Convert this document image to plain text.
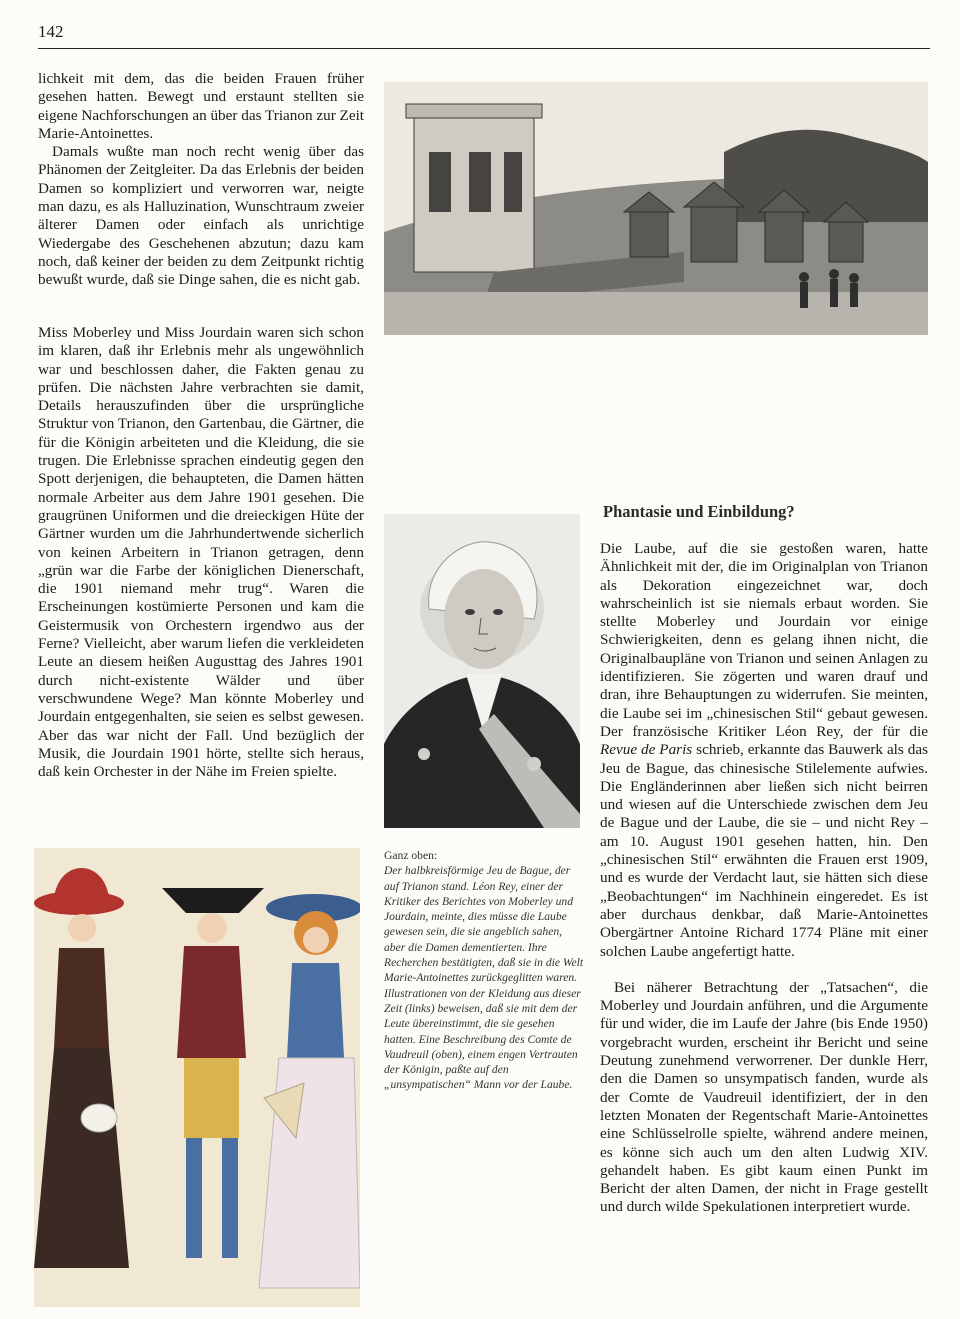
142

lichkeit mit dem, das die beiden Frauen früher gesehen hatten. Bewegt und erstaunt stellten sie eigene Nachforschungen an über das Trianon zur Zeit Marie-Antoinettes.

Damals wußte man noch recht wenig über das Phänomen der Zeitgleiter. Da das Erlebnis der beiden Damen so kompliziert und verworren war, neigte man dazu, es als Halluzination, Wunschtraum zweier älterer Damen oder einfach als unrichtige Wiedergabe des Geschehenen abzutun; dazu kam noch, daß keiner der beiden zu dem Zeitpunkt richtig bewußt wurde, daß sie Dinge sahen, die es nicht gab.

Miss Moberley und Miss Jourdain waren sich schon im klaren, daß ihr Erlebnis mehr als ungewöhnlich war und beschlossen daher, die Fakten genau zu prüfen. Die nächsten Jahre verbrachten sie damit, Details herauszufinden über die ursprüngliche Struktur von Trianon, den Gartenbau, die Gärtner, die für die Königin arbeiteten und die Kleidung, die sie trugen. Die Erlebnisse sprachen eindeutig gegen den Spott derjenigen, die behaupteten, die Damen hätten normale Arbeiter aus dem Jahre 1901 gesehen. Die graugrünen Uniformen und die dreieckigen Hüte der Gärtner wurden um die Jahrhundertwende sicherlich von keinen Arbeitern in Trianon getragen, denn „grün war die Farbe der königlichen Dienerschaft, die 1901 niemand mehr trug“. Waren die Erscheinungen kostümierte Personen und kam die Geistermusik von Orchestern irgendwo aus der Ferne? Vielleicht, aber warum liefen die verkleideten Leute an diesem heißen Augusttag des Jahres 1901 durch nicht-existente Wälder und über verschwundene Wege? Man könnte Moberley und Jourdain entgegenhalten, sie seien es selbst gewesen. Aber das war nicht der Fall. Und bezüglich der Musik, die Jourdain 1901 hörte, stellte sich heraus, daß kein Orchester in der Nähe im Freien spielte.

Ganz oben:
Der halbkreisförmige Jeu de Bague, der auf Trianon stand. Léon Rey, einer der Kritiker des Berichtes von Moberley und Jourdain, meinte, dies müsse die Laube gewesen sein, die sie angeblich sahen, aber die Damen dementierten. Ihre Recherchen bestätigten, daß sie in die Welt Marie-Antoinettes zurückgeglitten waren. Illustrationen von der Kleidung aus dieser Zeit (links) beweisen, daß sie mit dem der Leute übereinstimmt, die sie gesehen hatten. Eine Beschreibung des Comte de Vaudreuil (oben), einem engen Vertrauten der Königin, paßte auf den „unsympatischen“ Mann vor der Laube.
Phantasie und Einbildung?

Die Laube, auf die sie gestoßen waren, hatte Ähnlichkeit mit der, die im Originalplan von Trianon als Dekoration eingezeichnet war, doch wahrscheinlich ist sie niemals erbaut worden. Sie stellte Moberley und Jourdain vor einige Schwierigkeiten, denn es gelang ihnen nicht, die Originalbaupläne von Trianon und seinen Anlagen zu identifizieren. Sie zögerten und waren drauf und dran, ihre Behauptungen zu widerrufen. Sie meinten, die Laube sei im „chinesischen Stil“ gebaut gewesen. Der französische Kritiker Léon Rey, der für die Revue de Paris schrieb, erkannte das Bauwerk als das Jeu de Bague, das chinesische Stilelemente aufwies. Die Engländerinnen aber ließen sich nicht beirren und wiesen auf die Unterschiede zwischen dem Jeu de Bague und der Laube, die sie – und nicht Rey – am 10. August 1901 gesehen hatten, hin. Den „chinesischen Stil“ erwähnten die Frauen erst 1909, und es wurde der Verdacht laut, sie hätten sich diese „Beobachtungen“ im Nachhinein eingeredet. Es ist aber durchaus denkbar, daß Marie-Antoinettes Obergärtner Antoine Richard 1774 Pläne mit einer solchen Laube angefertigt hatte.

Bei näherer Betrachtung der „Tatsachen“, die Moberley und Jourdain anführen, und die Argumente für und wider, die im Laufe der Jahre (bis Ende 1950) vorgebracht wurden, erscheint ihr Bericht und seine Deutung zunehmend verworrener. Der dunkle Herr, den die Damen so unsympatisch fanden, wurde als der Comte de Vaudreuil identifiziert, der in den letzten Monaten der Regentschaft Marie-Antoinettes eine Schlüsselrolle spielte, während andere meinen, es könne sich auch um den alten Ludwig XIV. gehandelt haben. Es gibt kaum einen Punkt im Bericht der alten Damen, der nicht in Frage gestellt und durch wilde Spekulationen interpretiert wurde.
